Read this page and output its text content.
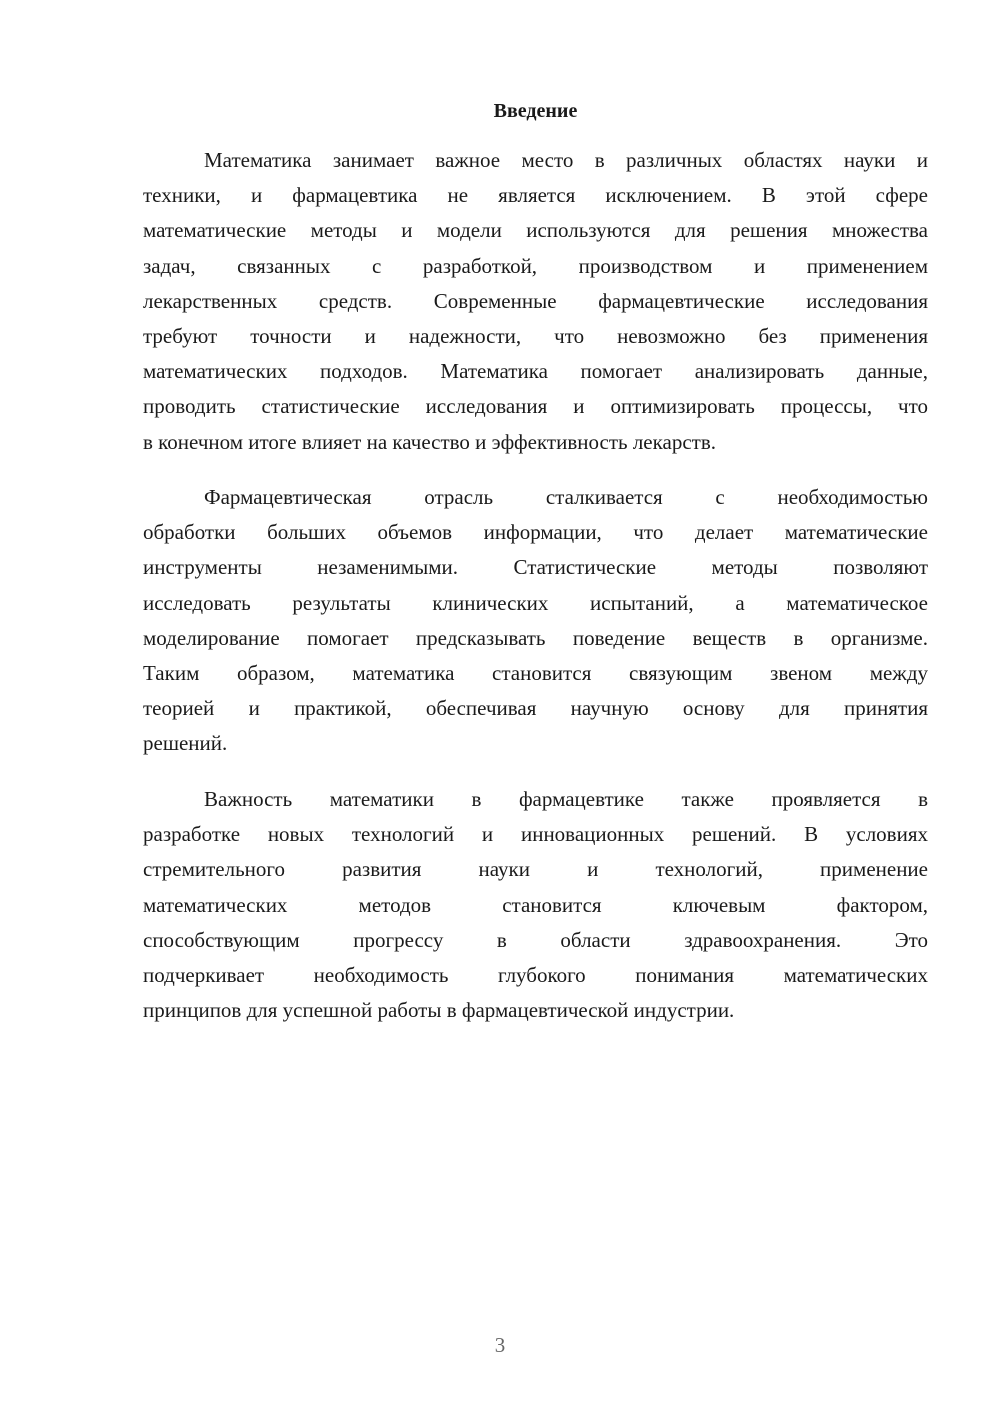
Введение
Математика занимает важное место в различных областях науки и
техники, и фармацевтика не является исключением. В этой сфере
математические методы и модели используются для решения множества
задач, связанных с разработкой, производством и применением
лекарственных средств. Современные фармацевтические исследования
требуют точности и надежности, что невозможно без применения
математических подходов. Математика помогает анализировать данные,
проводить статистические исследования и оптимизировать процессы, что
в конечном итоге влияет на качество и эффективность лекарств.
Фармацевтическая отрасль сталкивается с необходимостью
обработки больших объемов информации, что делает математические
инструменты незаменимыми. Статистические методы позволяют
исследовать результаты клинических испытаний, а математическое
моделирование помогает предсказывать поведение веществ в организме.
Таким образом, математика становится связующим звеном между
теорией и практикой, обеспечивая научную основу для принятия
решений.
Важность математики в фармацевтике также проявляется в
разработке новых технологий и инновационных решений. В условиях
стремительного развития науки и технологий, применение
математических методов становится ключевым фактором,
способствующим прогрессу в области здравоохранения. Это
подчеркивает необходимость глубокого понимания математических
принципов для успешной работы в фармацевтической индустрии.
3
